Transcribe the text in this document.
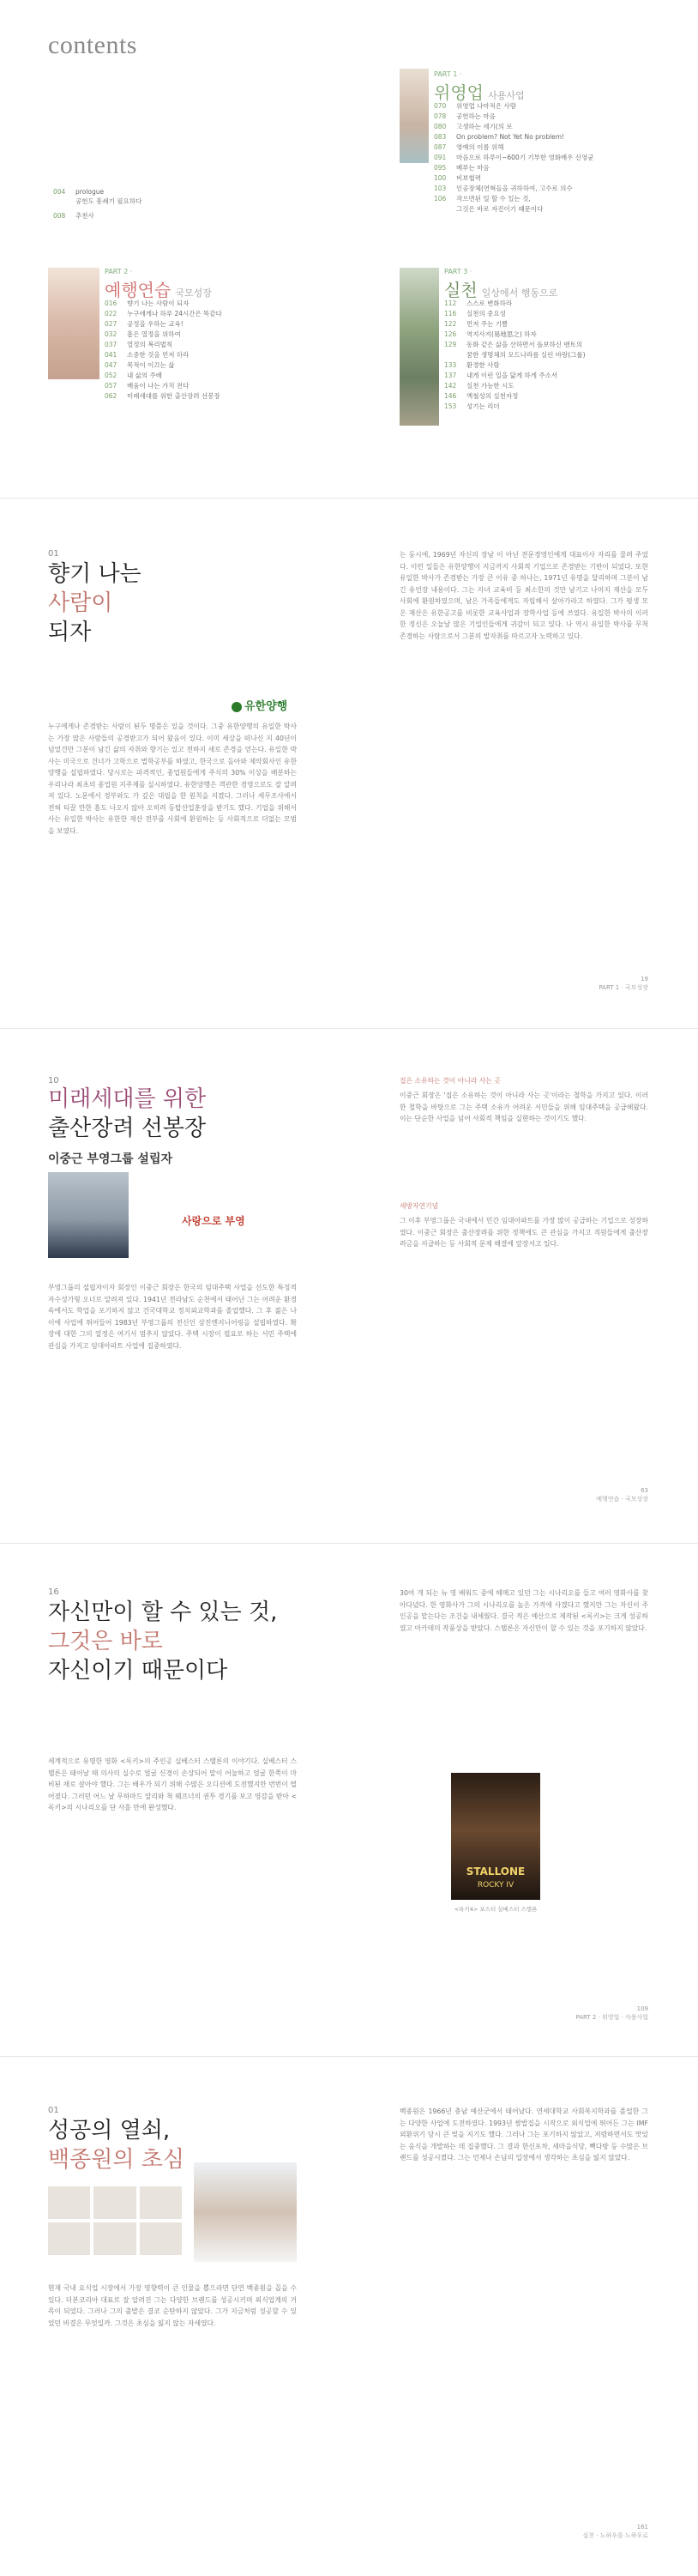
contents
PART 1 ·
위영업 사용사업
070 위영업 나마적은 사람
078 공헌하는 마음
080 고생하는 세기(의 로
083 On problem? Not Yet No problem!
087 영예의 이름 위해
091 마음으로 하루이~600기 기부한 영화배우 신영균
095 베푸는 마음
100 비보협력
103 인공장체(연혁들을 귀하하여, 고수로 의수
106 작으면된 일 할 수 있는 것,
그것은 바로 자진이기 때문이다
004 prologue
공헌도 흥쇄기 필요하다
008 추천사
PART 2 ·
예행연습 국모성장
016 향기 나는 사람이 되자
022 누구에게나 하루 24시간은 똑같다
027 공정을 우하는 교육!
032 흠은 열정을 위하여
037 열정의 복리법칙
041 소중한 것을 먼저 하라
047 목적이 이끄는 삶
052 내 삶의 주배
057 배움이 나는 가치 전다
062 미래세대를 위한 출산장려 선봉장
PART 3 ·
실천 일상에서 행동으로
112 스스로 변화하라
116 실천의 중요성
122 먼저 주는 기쁨
126 역지사지(易地思之) 하자
129 동화 같은 삶을 산하면서 돌보하신 맨토의
꿈한 생명체의 모드나라를 실린 바랑(그룹)
133 환경한 사람
137 내게 이런 일을 닮게 하게 주소서
142 실천 가능한 시도
146 액철성의 실천자정
153 성기는 리더
01
향기 나는
사람이
되자
유한양행
누구에게나 존경받는 사람이 된두 명쯤은 있을 것이다. 그중 유한양행의 유일한 박사는 가장 많은 사람들의 공경받고가 되어 왔음이 있다. 이미 세상을 떠나신 지 40년이 넘었건만 그분이 남긴 삶의 자취와 향기는 있고 전하지 새로 존경을 얻는다. 유일한 박사는 미국으로 건너가 고학으로 법학공부를 하였고, 한국으로 돌아와 제약회사인 유한양행을 설립하였다. 당시로는 파격적인, 종업원들에게 주식의 30% 이상을 배분하는 우리나라 최초의 종업원 지주제를 실시하였다. 유한양행은 객관한 경영으로도 잘 알려져 있다. 노문에서 정부와도 가 깊은 대립을 한 원칙을 지켰다. 그러나 세무조사에서 전혀 티끌 만한 흠도 나오지 않아 오히려 동탑산업훈장을 받기도 했다. 기업을 위해서 사는 유일한 박사는 유한한 재산 전부를 사회에 환원하는 등 사회적으로 더없는 모범을 보였다.
는 동시에, 1969년 자신의 장남 이 아닌 전문경영인에게 대표이사 자리를 물려 주었다. 이런 일들은 유한양행이 지금까지 사회적 기업으로 존경받는 기반이 되었다. 또한 유일한 박사가 존경받는 가장 큰 이유 중 하나는, 1971년 유명을 달리하며 그분이 남긴 유언장 내용이다. 그는 자녀 교육비 등 최소한의 것만 남기고 나머지 재산을 모두 사회에 환원하였으며, 남은 가족들에게도 자립해서 살아가라고 하였다. 그가 평생 모은 재산은 유한공고를 비롯한 교육사업과 장학사업 등에 쓰였다. 유일한 박사의 이러한 정신은 오늘날 많은 기업인들에게 귀감이 되고 있다. 나 역시 유일한 박사를 무척 존경하는 사람으로서 그분의 발자취를 따르고자 노력하고 있다.
19
PART 1 · 국모성장
10
미래세대를 위한
출산장려 선봉장
이중근 부영그룹 설립자
사랑으로 부영
부영그룹의 설립자이자 회장인 이중근 회장은 한국의 임대주택 사업을 선도한 특징적 자수성가형 오너로 알려져 있다. 1941년 전라남도 순천에서 태어난 그는 어려운 환경 속에서도 학업을 포기하지 않고 건국대학교 정치외교학과를 졸업했다. 그 후 젊은 나이에 사업에 뛰어들어 1983년 부영그룹의 전신인 삼진엔지니어링을 설립하였다. 확장에 대한 그의 열정은 여기서 멈추지 않았다. 주택 시장이 필요로 하는 서민 주택에 관심을 가지고 임대아파트 사업에 집중하였다.
집은 소유하는 것이 아니라 사는 곳
이중근 회장은 '집은 소유하는 것이 아니라 사는 곳'이라는 철학을 가지고 있다. 이러한 철학을 바탕으로 그는 주택 소유가 어려운 서민들을 위해 임대주택을 공급해왔다. 이는 단순한 사업을 넘어 사회적 책임을 실현하는 것이기도 했다.
세방자연기념
그 이후 부영그룹은 국내에서 민간 임대아파트를 가장 많이 공급하는 기업으로 성장하였다. 이중근 회장은 출산장려를 위한 정책에도 큰 관심을 가지고 직원들에게 출산장려금을 지급하는 등 사회적 문제 해결에 앞장서고 있다.
63
예행연습 · 국모성장
16
자신만이 할 수 있는 것,
그것은 바로
자신이기 때문이다
세계적으로 유명한 영화 <록키>의 주인공 실베스터 스탤론의 이야기다. 실베스터 스탤론은 태어날 때 의사의 실수로 얼굴 신경이 손상되어 말이 어눌하고 얼굴 한쪽이 마비된 채로 살아야 했다. 그는 배우가 되기 위해 수많은 오디션에 도전했지만 번번이 떨어졌다. 그러던 어느 날 무하마드 알리와 척 웨프너의 권투 경기를 보고 영감을 받아 <록키>의 시나리오를 단 사흘 만에 완성했다.
30여 개 되는 뉴 영 배워드 중에 헤메고 있던 그는 시나리오를 들고 여러 영화사를 찾아다녔다. 한 영화사가 그의 시나리오를 높은 가격에 사겠다고 했지만 그는 자신이 주인공을 맡는다는 조건을 내세웠다. 결국 적은 예산으로 제작된 <록키>는 크게 성공하였고 아카데미 작품상을 받았다. 스탤론은 자신만이 할 수 있는 것을 포기하지 않았다.
STALLONE
ROCKY IV
<록키4> 포스터 실베스터 스탤론
109
PART 2 · 위영업 · 사용사업
01
성공의 열쇠,
백종원의 초심
현재 국내 요식업 시장에서 가장 영향력이 큰 인물을 뽑으라면 단연 백종원을 꼽을 수 있다. 더본코리아 대표로 잘 알려진 그는 다양한 브랜드를 성공시키며 외식업계의 거목이 되었다. 그러나 그의 출발은 결코 순탄하지 않았다. 그가 지금처럼 성공할 수 있었던 비결은 무엇일까. 그것은 초심을 잃지 않는 자세였다.
백종원은 1966년 충남 예산군에서 태어났다. 연세대학교 사회복지학과를 졸업한 그는 다양한 사업에 도전하였다. 1993년 쌈밥집을 시작으로 외식업에 뛰어든 그는 IMF 외환위기 당시 큰 빚을 지기도 했다. 그러나 그는 포기하지 않았고, 저렴하면서도 맛있는 음식을 개발하는 데 집중했다. 그 결과 한신포차, 새마을식당, 빽다방 등 수많은 브랜드를 성공시켰다. 그는 언제나 손님의 입장에서 생각하는 초심을 잃지 않았다.
161
실천 · 노하우를 노하우로
